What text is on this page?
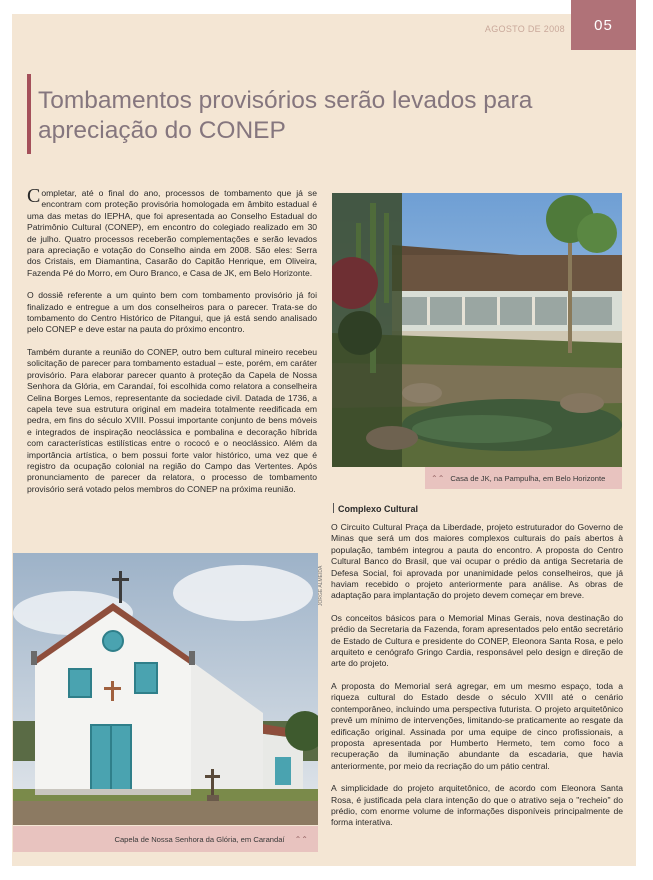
AGOSTO DE 2008	05
Tombamentos provisórios serão levados para apreciação do CONEP

Completar, até o final do ano, processos de tombamento que já se encontram com proteção provisória homologada em âmbito estadual é uma das metas do IEPHA, que foi apresentada ao Conselho Estadual do Patrimônio Cultural (CONEP), em encontro do colegiado realizado em 30 de julho. Quatro processos receberão complementações e serão levados para apreciação e votação do Conselho ainda em 2008. São eles: Serra dos Cristais, em Diamantina, Casarão do Capitão Henrique, em Oliveira, Fazenda Pé do Morro, em Ouro Branco, e Casa de JK, em Belo Horizonte.

O dossiê referente a um quinto bem com tombamento provisório já foi finalizado e entregue a um dos conselheiros para o parecer. Trata-se do tombamento do Centro Histórico de Pitangui, que já está sendo analisado pelo CONEP e deve estar na pauta do próximo encontro.

Também durante a reunião do CONEP, outro bem cultural mineiro recebeu solicitação de parecer para tombamento estadual – este, porém, em caráter provisório. Para elaborar parecer quanto à proteção da Capela de Nossa Senhora da Glória, em Carandaí, foi escolhida como relatora a conselheira Celina Borges Lemos, representante da sociedade civil. Datada de 1736, a capela teve sua estrutura original em madeira totalmente reedificada em pedra, em fins do século XVIII. Possui importante conjunto de bens móveis e integrados de inspiração neoclássica e pombalina e decoração híbrida com características estilísticas entre o rococó e o neoclássico. Além da importância artística, o bem possui forte valor histórico, uma vez que é registro da ocupação colonial na região do Campo das Vertentes. Após pronunciamento de parecer da relatora, o processo de tombamento provisório será votado pelos membros do CONEP na próxima reunião.

⌃⌃ Casa de JK, na Pampulha, em Belo Horizonte
Complexo Cultural

O Circuito Cultural Praça da Liberdade, projeto estruturador do Governo de Minas que será um dos maiores complexos culturais do país abertos à população, também integrou a pauta do encontro. A proposta do Centro Cultural Banco do Brasil, que vai ocupar o prédio da antiga Secretaria de Defesa Social, foi aprovada por unanimidade pelos conselheiros, que já haviam recebido o projeto anteriormente para análise. As obras de adaptação para implantação do projeto devem começar em breve.

Os conceitos básicos para o Memorial Minas Gerais, nova destinação do prédio da Secretaria da Fazenda, foram apresentados pelo então secretário de Estado de Cultura e presidente do CONEP, Eleonora Santa Rosa, e pelo arquiteto e cenógrafo Gringo Cardia, responsável pelo design e direção de arte do projeto.

A proposta do Memorial será agregar, em um mesmo espaço, toda a riqueza cultural do Estado desde o século XVIII até o cenário contemporâneo, incluindo uma perspectiva futurista. O projeto arquitetônico prevê um mínimo de intervenções, limitando-se praticamente ao resgate da edificação original. Assinada por uma equipe de cinco profissionais, a proposta apresentada por Humberto Hermeto, tem como foco a recuperação da iluminação abundante da escadaria, que havia anteriormente, por meio da recriação do um pátio central.

A simplicidade do projeto arquitetônico, de acordo com Eleonora Santa Rosa, é justificada pela clara intenção do que o atrativo seja o "recheio" do prédio, com enorme volume de informações disponíveis principalmente de forma interativa.

JORGE ALMEIDA
Capela de Nossa Senhora da Glória, em Carandaí ⌃⌃
